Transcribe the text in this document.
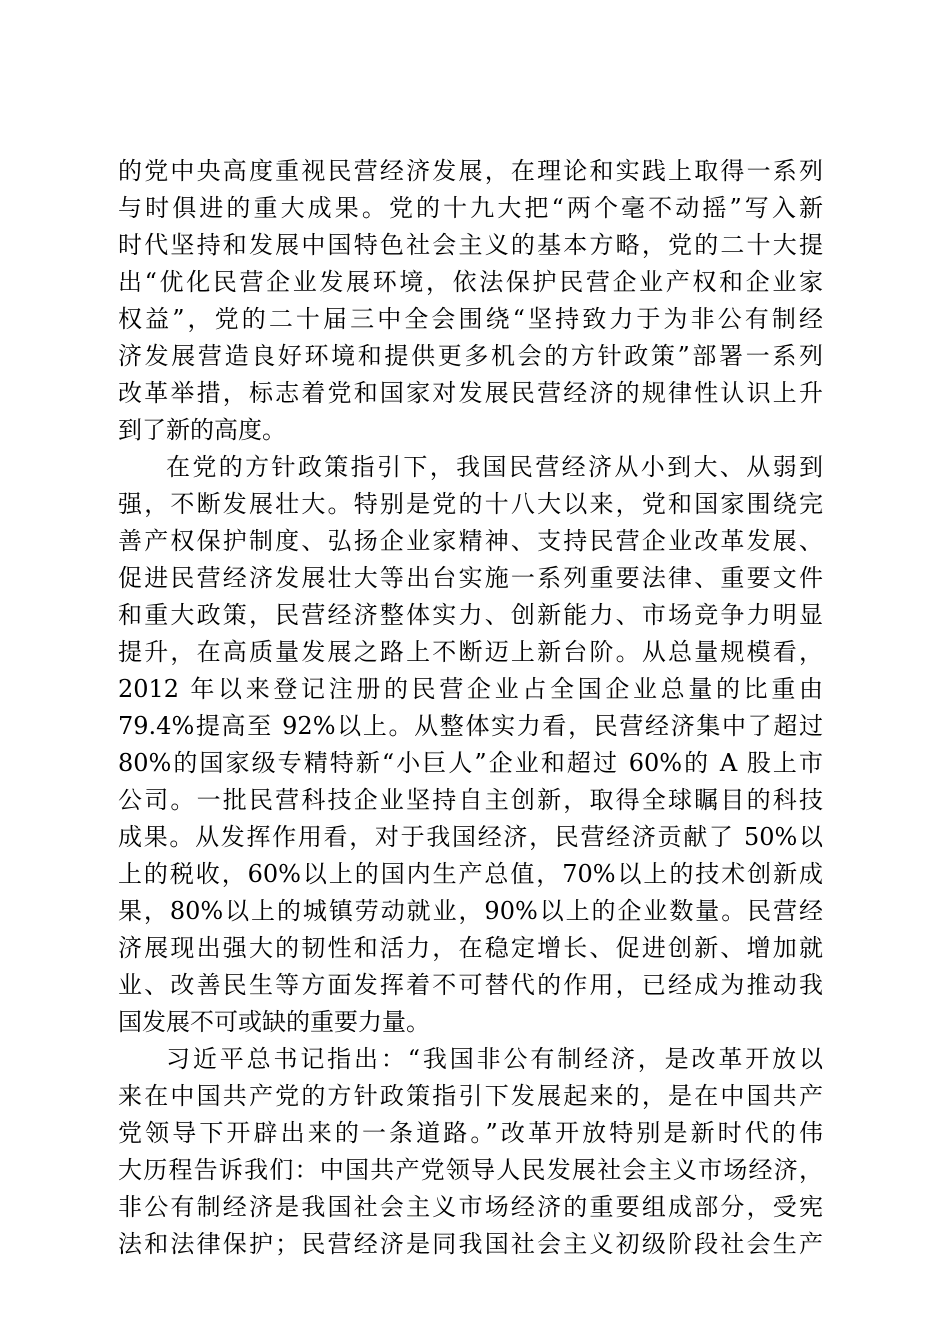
的党中央高度重视民营经济发展，在理论和实践上取得一系列
与时俱进的重大成果。党的十九大把“两个毫不动摇”写入新
时代坚持和发展中国特色社会主义的基本方略，党的二十大提
出“优化民营企业发展环境，依法保护民营企业产权和企业家
权益”，党的二十届三中全会围绕“坚持致力于为非公有制经
济发展营造良好环境和提供更多机会的方针政策”部署一系列
改革举措，标志着党和国家对发展民营经济的规律性认识上升
到了新的高度。
在党的方针政策指引下，我国民营经济从小到大、从弱到
强，不断发展壮大。特别是党的十八大以来，党和国家围绕完
善产权保护制度、弘扬企业家精神、支持民营企业改革发展、
促进民营经济发展壮大等出台实施一系列重要法律、重要文件
和重大政策，民营经济整体实力、创新能力、市场竞争力明显
提升，在高质量发展之路上不断迈上新台阶。从总量规模看，
2012 年以来登记注册的民营企业占全国企业总量的比重由
79.4%提高至 92%以上。从整体实力看，民营经济集中了超过
80%的国家级专精特新“小巨人”企业和超过 60%的 A 股上市
公司。一批民营科技企业坚持自主创新，取得全球瞩目的科技
成果。从发挥作用看，对于我国经济，民营经济贡献了 50%以
上的税收，60%以上的国内生产总值，70%以上的技术创新成
果，80%以上的城镇劳动就业，90%以上的企业数量。民营经
济展现出强大的韧性和活力，在稳定增长、促进创新、增加就
业、改善民生等方面发挥着不可替代的作用，已经成为推动我
国发展不可或缺的重要力量。
习近平总书记指出：“我国非公有制经济，是改革开放以
来在中国共产党的方针政策指引下发展起来的，是在中国共产
党领导下开辟出来的一条道路。”改革开放特别是新时代的伟
大历程告诉我们：中国共产党领导人民发展社会主义市场经济，
非公有制经济是我国社会主义市场经济的重要组成部分，受宪
法和法律保护；民营经济是同我国社会主义初级阶段社会生产
